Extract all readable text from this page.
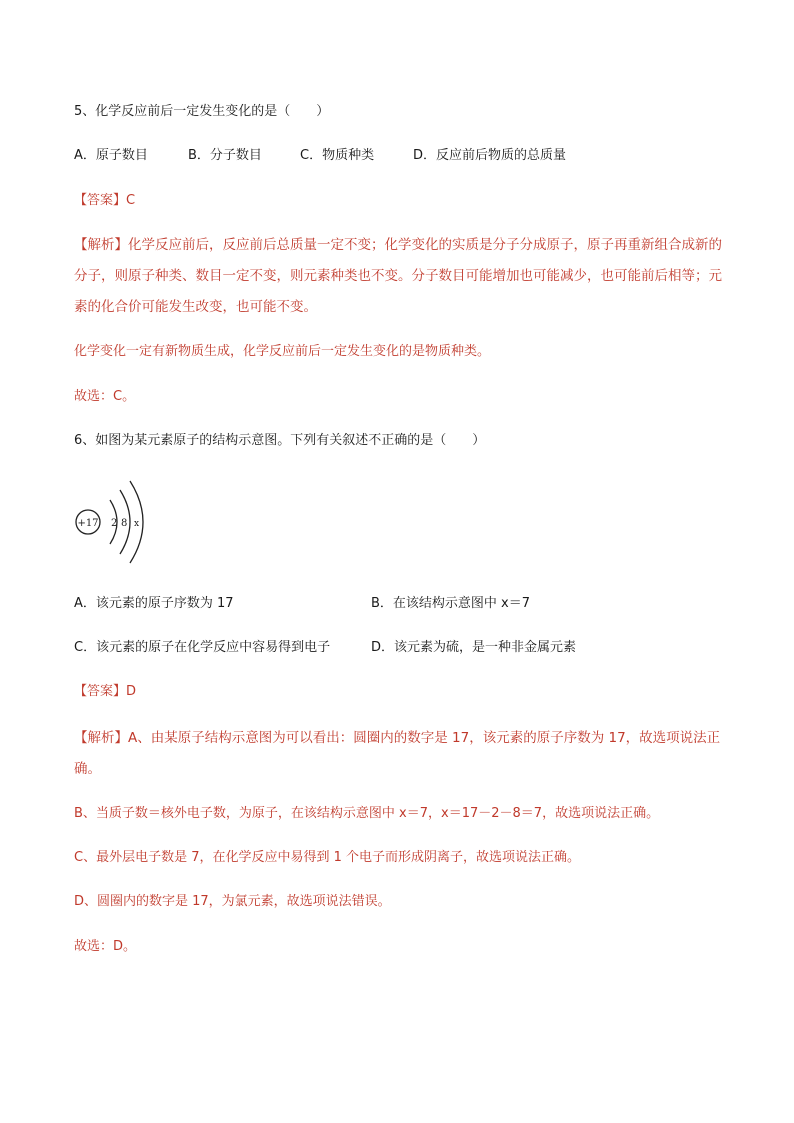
5、化学反应前后一定发生变化的是（　　）
A．原子数目	B．分子数目	C．物质种类	D．反应前后物质的总质量
【答案】C
【解析】化学反应前后，反应前后总质量一定不变；化学变化的实质是分子分成原子，原子再重新组合成新的分子，则原子种类、数目一定不变，则元素种类也不变。分子数目可能增加也可能减少，也可能前后相等；元素的化合价可能发生改变，也可能不变。
化学变化一定有新物质生成，化学反应前后一定发生变化的是物质种类。
故选：C。
6、如图为某元素原子的结构示意图。下列有关叙述不正确的是（　　）
+17 2 8 x
A．该元素的原子序数为 17	B．在该结构示意图中 x＝7
C．该元素的原子在化学反应中容易得到电子	D．该元素为硫，是一种非金属元素
【答案】D
【解析】A、由某原子结构示意图为可以看出：圆圈内的数字是 17，该元素的原子序数为 17，故选项说法正确。
B、当质子数＝核外电子数，为原子，在该结构示意图中 x＝7，x＝17－2－8＝7，故选项说法正确。
C、最外层电子数是 7，在化学反应中易得到 1 个电子而形成阴离子，故选项说法正确。
D、圆圈内的数字是 17，为氯元素，故选项说法错误。
故选：D。
